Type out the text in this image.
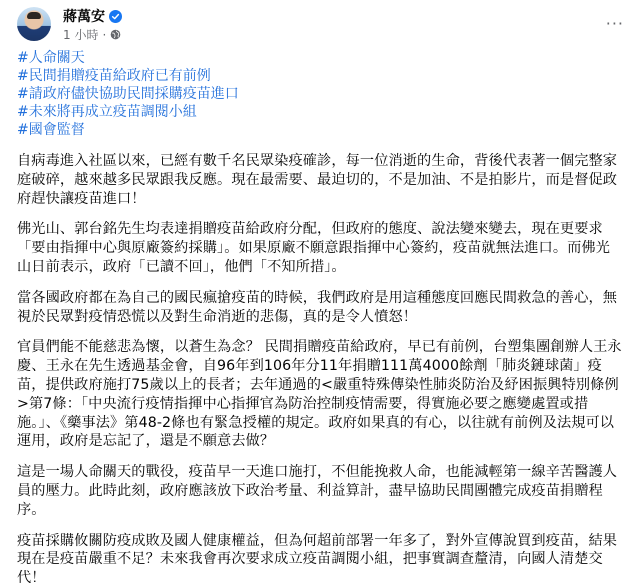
蔣萬安
1 小時 ·
···
#人命關天
#民間捐贈疫苗給政府已有前例
#請政府儘快協助民間採購疫苗進口
#未來將再成立疫苗調閱小組
#國會監督

自病毒進入社區以來，已經有數千名民眾染疫確診，每一位消逝的生命，背後代表著一個完整家庭破碎，越來越多民眾跟我反應。現在最需要、最迫切的，不是加油、不是拍影片，而是督促政府趕快讓疫苗進口！

佛光山、郭台銘先生均表達捐贈疫苗給政府分配，但政府的態度、說法變來變去，現在更要求「要由指揮中心與原廠簽約採購」。如果原廠不願意跟指揮中心簽約，疫苗就無法進口。而佛光山日前表示，政府「已讀不回」，他們「不知所措」。

當各國政府都在為自己的國民瘋搶疫苗的時候，我們政府是用這種態度回應民間救急的善心，無視於民眾對疫情恐慌以及對生命消逝的悲傷，真的是令人憤怒！

官員們能不能慈悲為懷，以蒼生為念？ 民間捐贈疫苗給政府，早已有前例，台塑集團創辦人王永慶、王永在先生透過基金會，自96年到106年分11年捐贈111萬4000餘劑「肺炎鏈球菌」疫苗，提供政府施打75歲以上的長者；去年通過的<嚴重特殊傳染性肺炎防治及紓困振興特別條例>第7條：「中央流行疫情指揮中心指揮官為防治控制疫情需要，得實施必要之應變處置或措施。」、《藥事法》第48-2條也有緊急授權的規定。政府如果真的有心，以往就有前例及法規可以運用，政府是忘記了，還是不願意去做？

這是一場人命關天的戰役，疫苗早一天進口施打，不但能挽救人命，也能減輕第一線辛苦醫護人員的壓力。此時此刻，政府應該放下政治考量、利益算計，盡早協助民間團體完成疫苗捐贈程序。

疫苗採購攸關防疫成敗及國人健康權益，但為何超前部署一年多了，對外宣傳說買到疫苗，結果現在是疫苗嚴重不足？未來我會再次要求成立疫苗調閱小組，把事實調查釐清，向國人清楚交代！
